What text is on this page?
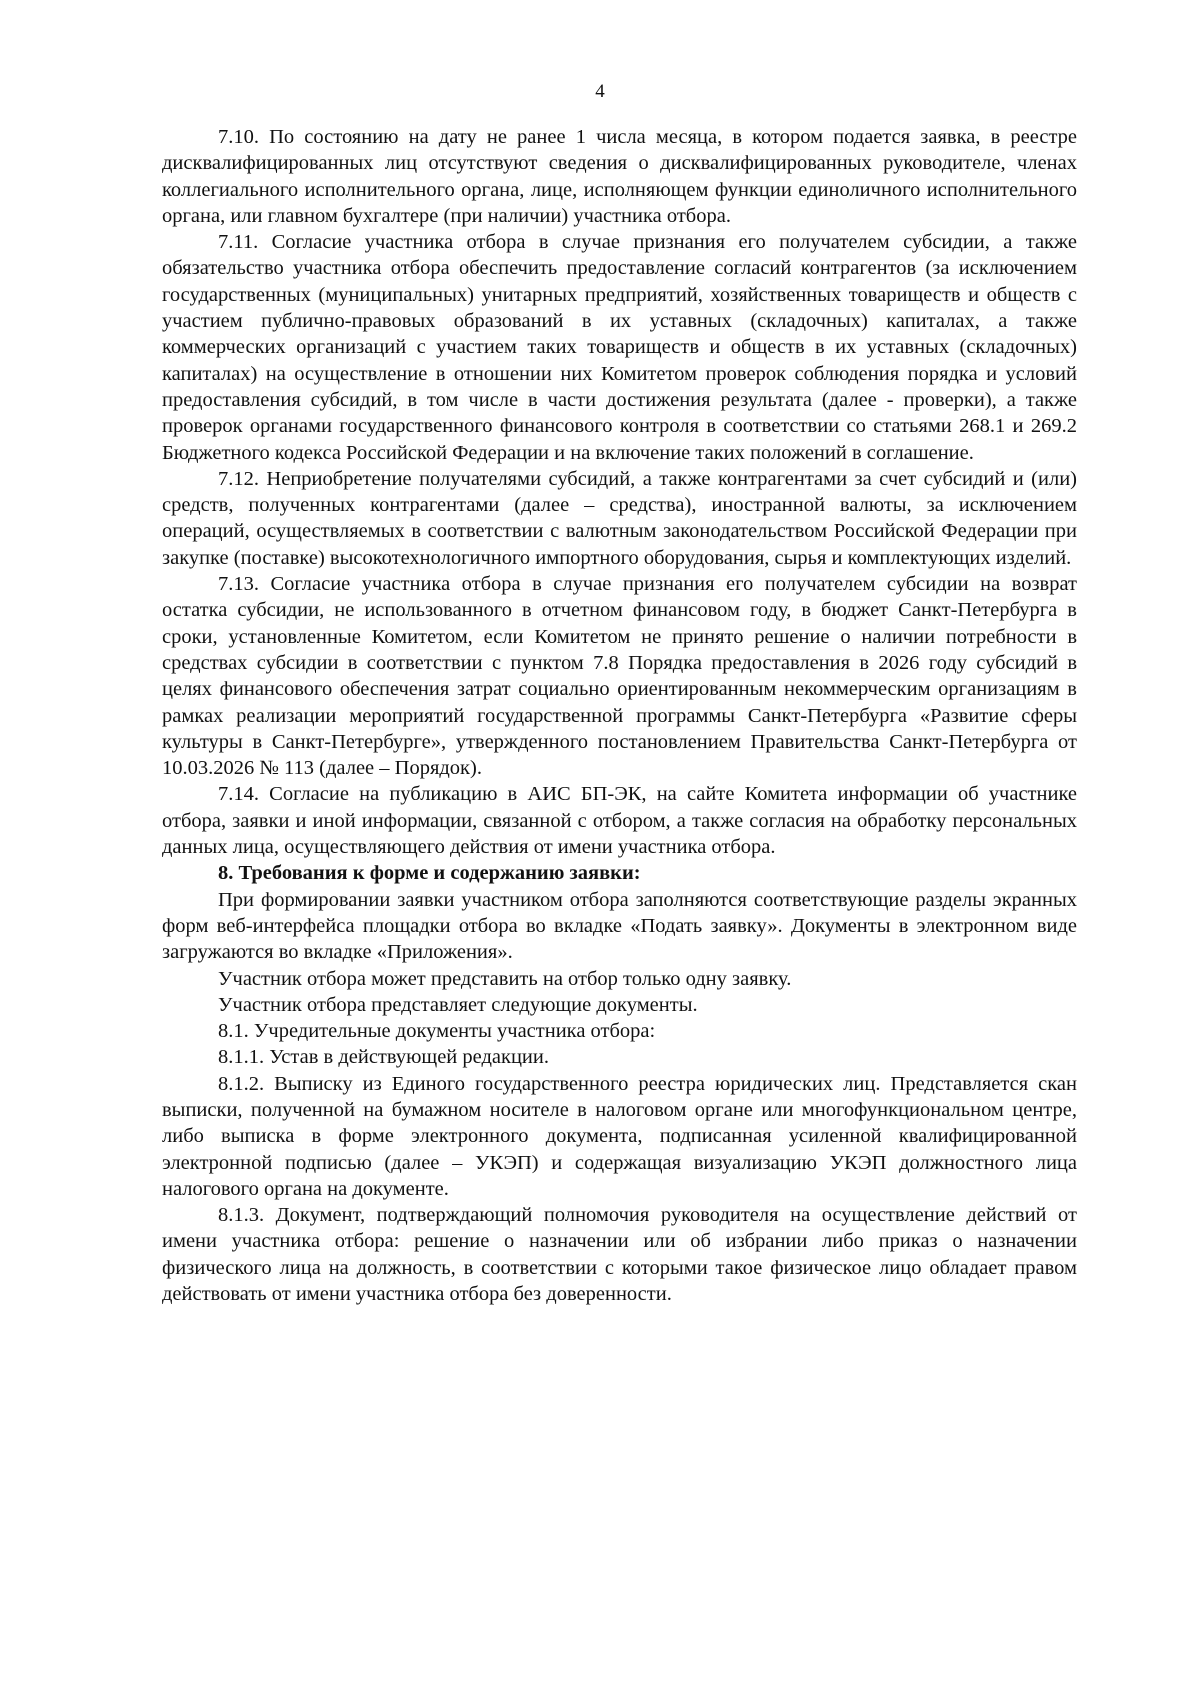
4

7.10. По состоянию на дату не ранее 1 числа месяца, в котором подается заявка, в реестре дисквалифицированных лиц отсутствуют сведения о дисквалифицированных руководителе, членах коллегиального исполнительного органа, лице, исполняющем функции единоличного исполнительного органа, или главном бухгалтере (при наличии) участника отбора.

7.11. Согласие участника отбора в случае признания его получателем субсидии, а также обязательство участника отбора обеспечить предоставление согласий контрагентов (за исключением государственных (муниципальных) унитарных предприятий, хозяйственных товариществ и обществ с участием публично-правовых образований в их уставных (складочных) капиталах, а также коммерческих организаций с участием таких товариществ и обществ в их уставных (складочных) капиталах) на осуществление в отношении них Комитетом проверок соблюдения порядка и условий предоставления субсидий, в том числе в части достижения результата (далее - проверки), а также проверок органами государственного финансового контроля в соответствии со статьями 268.1 и 269.2 Бюджетного кодекса Российской Федерации и на включение таких положений в соглашение.

7.12. Неприобретение получателями субсидий, а также контрагентами за счет субсидий и (или) средств, полученных контрагентами (далее – средства), иностранной валюты, за исключением операций, осуществляемых в соответствии с валютным законодательством Российской Федерации при закупке (поставке) высокотехнологичного импортного оборудования, сырья и комплектующих изделий.

7.13. Согласие участника отбора в случае признания его получателем субсидии на возврат остатка субсидии, не использованного в отчетном финансовом году, в бюджет Санкт-Петербурга в сроки, установленные Комитетом, если Комитетом не принято решение о наличии потребности в средствах субсидии в соответствии с пунктом 7.8 Порядка предоставления в 2026 году субсидий в целях финансового обеспечения затрат социально ориентированным некоммерческим организациям в рамках реализации мероприятий государственной программы Санкт-Петербурга «Развитие сферы культуры в Санкт-Петербурге», утвержденного постановлением Правительства Санкт-Петербурга от 10.03.2026 № 113 (далее – Порядок).

7.14. Согласие на публикацию в АИС БП-ЭК, на сайте Комитета информации об участнике отбора, заявки и иной информации, связанной с отбором, а также согласия на обработку персональных данных лица, осуществляющего действия от имени участника отбора.

8. Требования к форме и содержанию заявки:

При формировании заявки участником отбора заполняются соответствующие разделы экранных форм веб-интерфейса площадки отбора во вкладке «Подать заявку». Документы в электронном виде загружаются во вкладке «Приложения».

Участник отбора может представить на отбор только одну заявку.

Участник отбора представляет следующие документы.

8.1. Учредительные документы участника отбора:

8.1.1. Устав в действующей редакции.

8.1.2. Выписку из Единого государственного реестра юридических лиц. Представляется скан выписки, полученной на бумажном носителе в налоговом органе или многофункциональном центре, либо выписка в форме электронного документа, подписанная усиленной квалифицированной электронной подписью (далее – УКЭП) и содержащая визуализацию УКЭП должностного лица налогового органа на документе.

8.1.3. Документ, подтверждающий полномочия руководителя на осуществление действий от имени участника отбора: решение о назначении или об избрании либо приказ о назначении физического лица на должность, в соответствии с которыми такое физическое лицо обладает правом действовать от имени участника отбора без доверенности.
